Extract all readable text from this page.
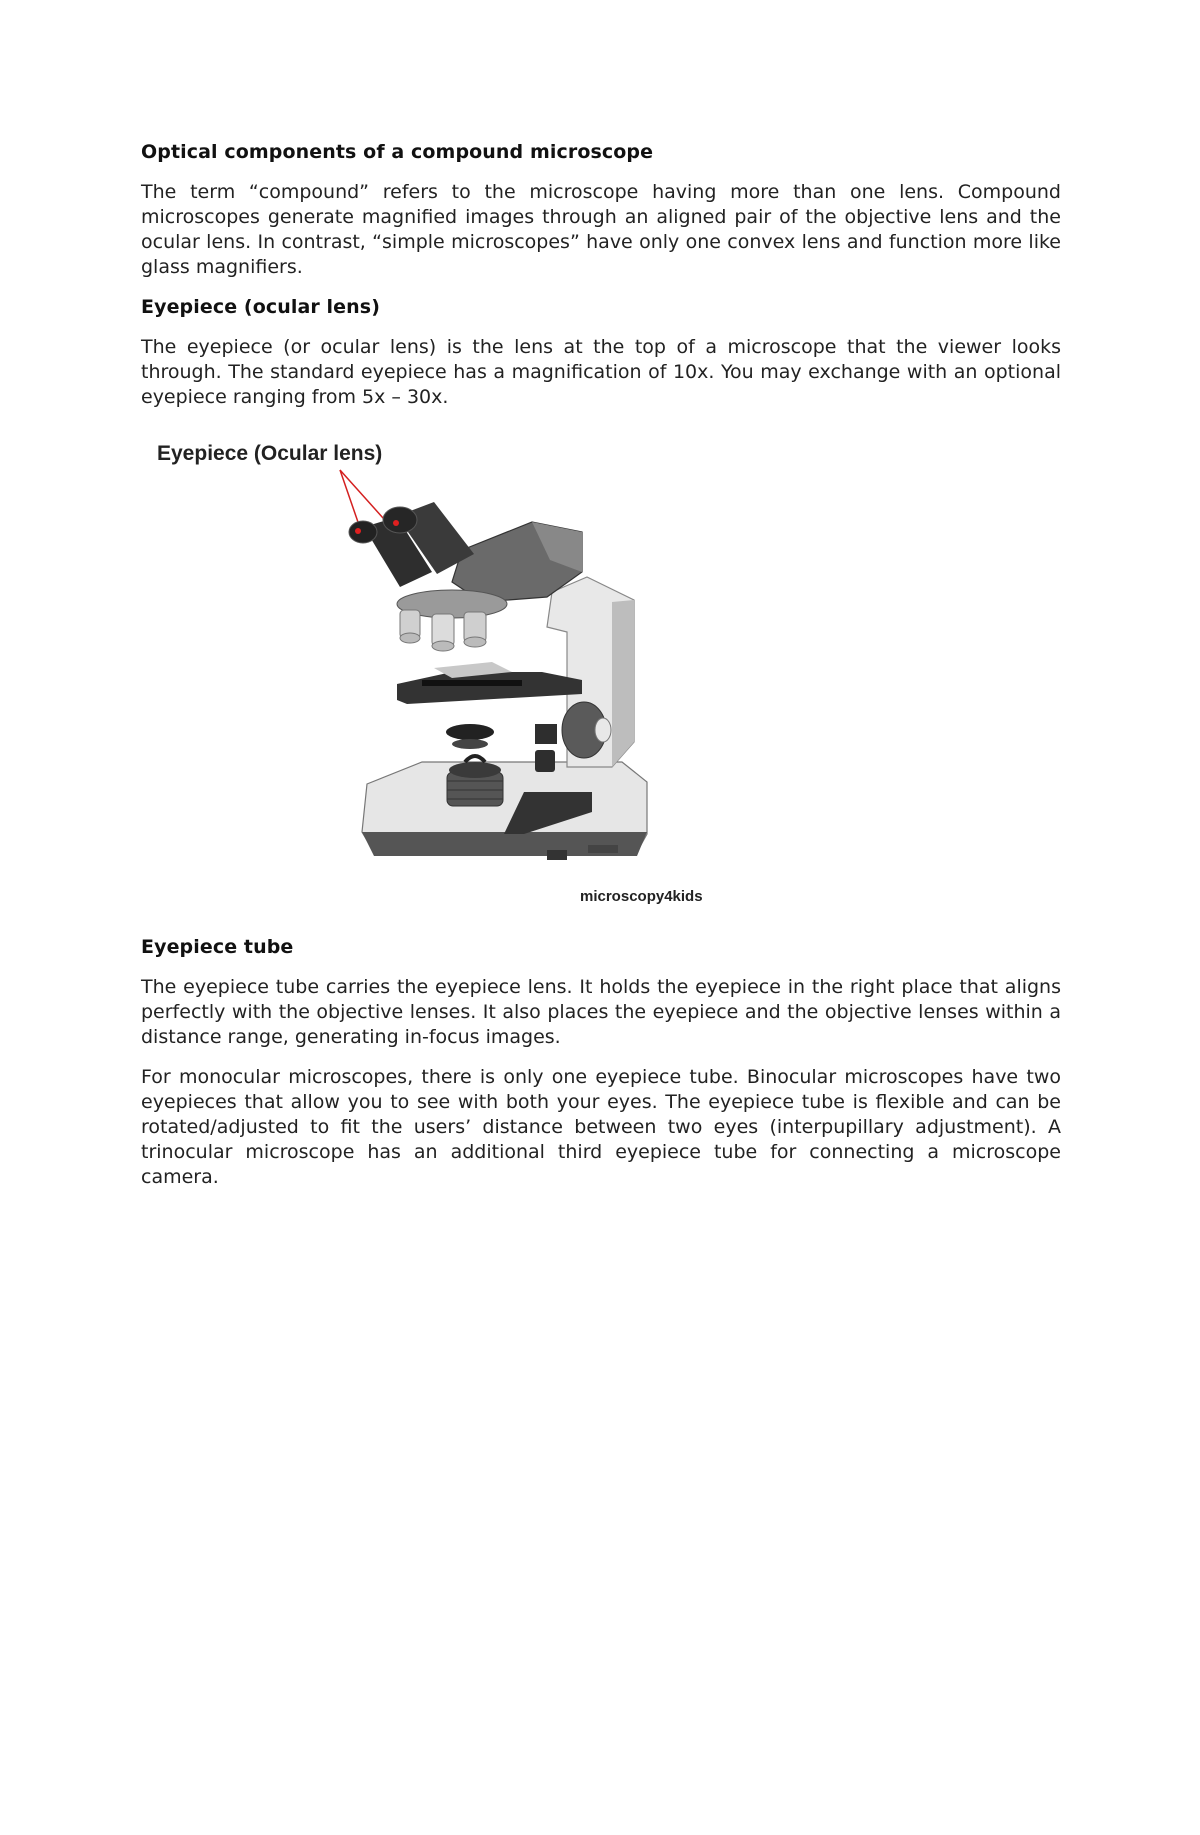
Optical components of a compound microscope

The term “compound” refers to the microscope having more than one lens. Compound microscopes generate magnified images through an aligned pair of the objective lens and the ocular lens. In contrast, “simple microscopes” have only one convex lens and function more like glass magnifiers.

Eyepiece (ocular lens)

The eyepiece (or ocular lens) is the lens at the top of a microscope that the viewer looks through. The standard eyepiece has a magnification of 10x. You may exchange with an optional eyepiece ranging from 5x – 30x.

Eyepiece (Ocular lens)
microscopy4kids
Eyepiece tube

The eyepiece tube carries the eyepiece lens. It holds the eyepiece in the right place that aligns perfectly with the objective lenses. It also places the eyepiece and the objective lenses within a distance range, generating in-focus images.

For monocular microscopes, there is only one eyepiece tube. Binocular microscopes have two eyepieces that allow you to see with both your eyes. The eyepiece tube is flexible and can be rotated/adjusted to fit the users’ distance between two eyes (interpupillary adjustment). A trinocular microscope has an additional third eyepiece tube for connecting a microscope camera.
